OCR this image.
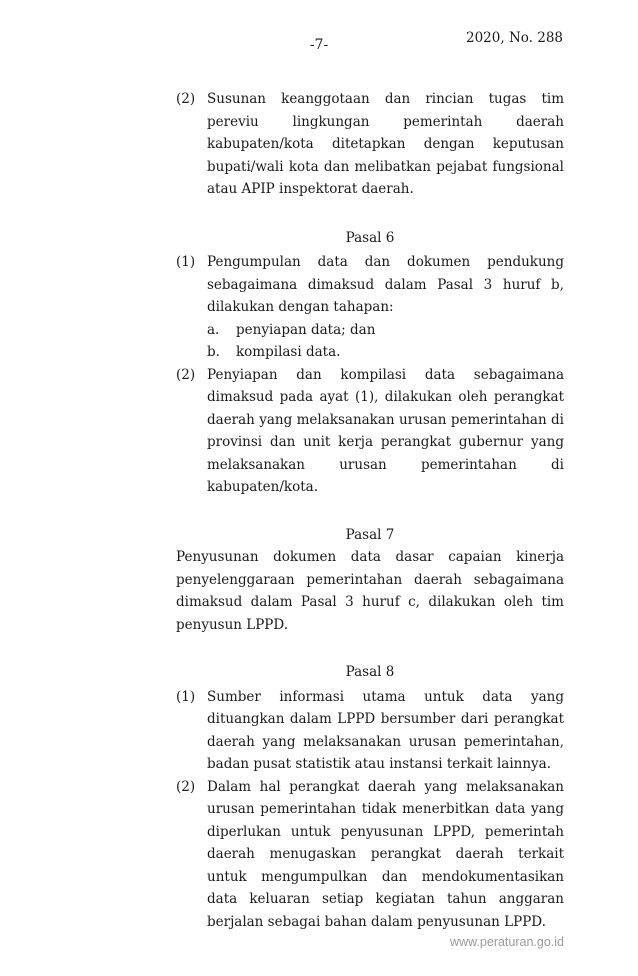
-7-	2020, No. 288
(2) Susunan keanggotaan dan rincian tugas tim pereviu lingkungan pemerintah daerah kabupaten/kota ditetapkan dengan keputusan bupati/wali kota dan melibatkan pejabat fungsional atau APIP inspektorat daerah.
Pasal 6
(1) Pengumpulan data dan dokumen pendukung sebagaimana dimaksud dalam Pasal 3 huruf b, dilakukan dengan tahapan:
a.	penyiapan data; dan
b.	kompilasi data.
(2) Penyiapan dan kompilasi data sebagaimana dimaksud pada ayat (1), dilakukan oleh perangkat daerah yang melaksanakan urusan pemerintahan di provinsi dan unit kerja perangkat gubernur yang melaksanakan urusan pemerintahan di kabupaten/kota.
Pasal 7
Penyusunan dokumen data dasar capaian kinerja penyelenggaraan pemerintahan daerah sebagaimana dimaksud dalam Pasal 3 huruf c, dilakukan oleh tim penyusun LPPD.
Pasal 8
(1) Sumber informasi utama untuk data yang dituangkan dalam LPPD bersumber dari perangkat daerah yang melaksanakan urusan pemerintahan, badan pusat statistik atau instansi terkait lainnya.
(2) Dalam hal perangkat daerah yang melaksanakan urusan pemerintahan tidak menerbitkan data yang diperlukan untuk penyusunan LPPD, pemerintah daerah menugaskan perangkat daerah terkait untuk mengumpulkan dan mendokumentasikan data keluaran setiap kegiatan tahun anggaran berjalan sebagai bahan dalam penyusunan LPPD.
www.peraturan.go.id
